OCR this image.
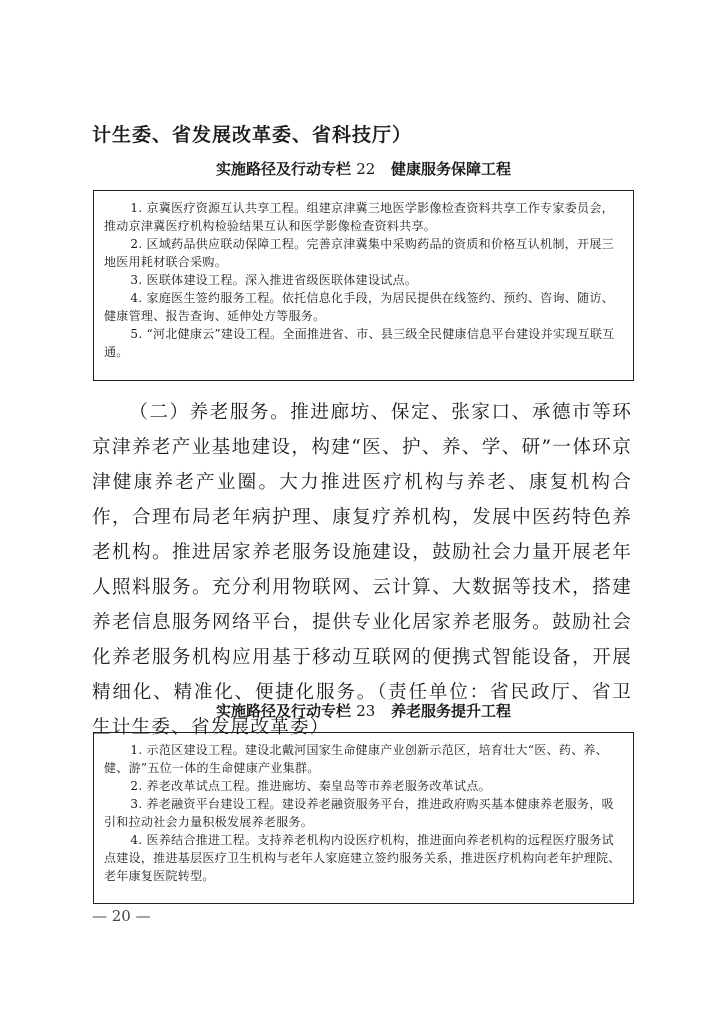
计生委、省发展改革委、省科技厅）
实施路径及行动专栏 22 健康服务保障工程

1. 京冀医疗资源互认共享工程。组建京津冀三地医学影像检查资料共享工作专家委员会，推动京津冀医疗机构检验结果互认和医学影像检查资料共享。

2. 区域药品供应联动保障工程。完善京津冀集中采购药品的资质和价格互认机制，开展三地医用耗材联合采购。

3. 医联体建设工程。深入推进省级医联体建设试点。

4. 家庭医生签约服务工程。依托信息化手段，为居民提供在线签约、预约、咨询、随访、健康管理、报告查询、延伸处方等服务。

5. “河北健康云”建设工程。全面推进省、市、县三级全民健康信息平台建设并实现互联互通。

（二）养老服务。推进廊坊、保定、张家口、承德市等环京津养老产业基地建设，构建“医、护、养、学、研”一体环京津健康养老产业圈。大力推进医疗机构与养老、康复机构合作，合理布局老年病护理、康复疗养机构，发展中医药特色养老机构。推进居家养老服务设施建设，鼓励社会力量开展老年人照料服务。充分利用物联网、云计算、大数据等技术，搭建养老信息服务网络平台，提供专业化居家养老服务。鼓励社会化养老服务机构应用基于移动互联网的便携式智能设备，开展精细化、精准化、便捷化服务。（责任单位：省民政厅、省卫生计生委、省发展改革委）

实施路径及行动专栏 23 养老服务提升工程

1. 示范区建设工程。建设北戴河国家生命健康产业创新示范区，培育壮大“医、药、养、健、游”五位一体的生命健康产业集群。

2. 养老改革试点工程。推进廊坊、秦皇岛等市养老服务改革试点。

3. 养老融资平台建设工程。建设养老融资服务平台，推进政府购买基本健康养老服务，吸引和拉动社会力量积极发展养老服务。

4. 医养结合推进工程。支持养老机构内设医疗机构，推进面向养老机构的远程医疗服务试点建设，推进基层医疗卫生机构与老年人家庭建立签约服务关系，推进医疗机构向老年护理院、老年康复医院转型。

— 20 —
